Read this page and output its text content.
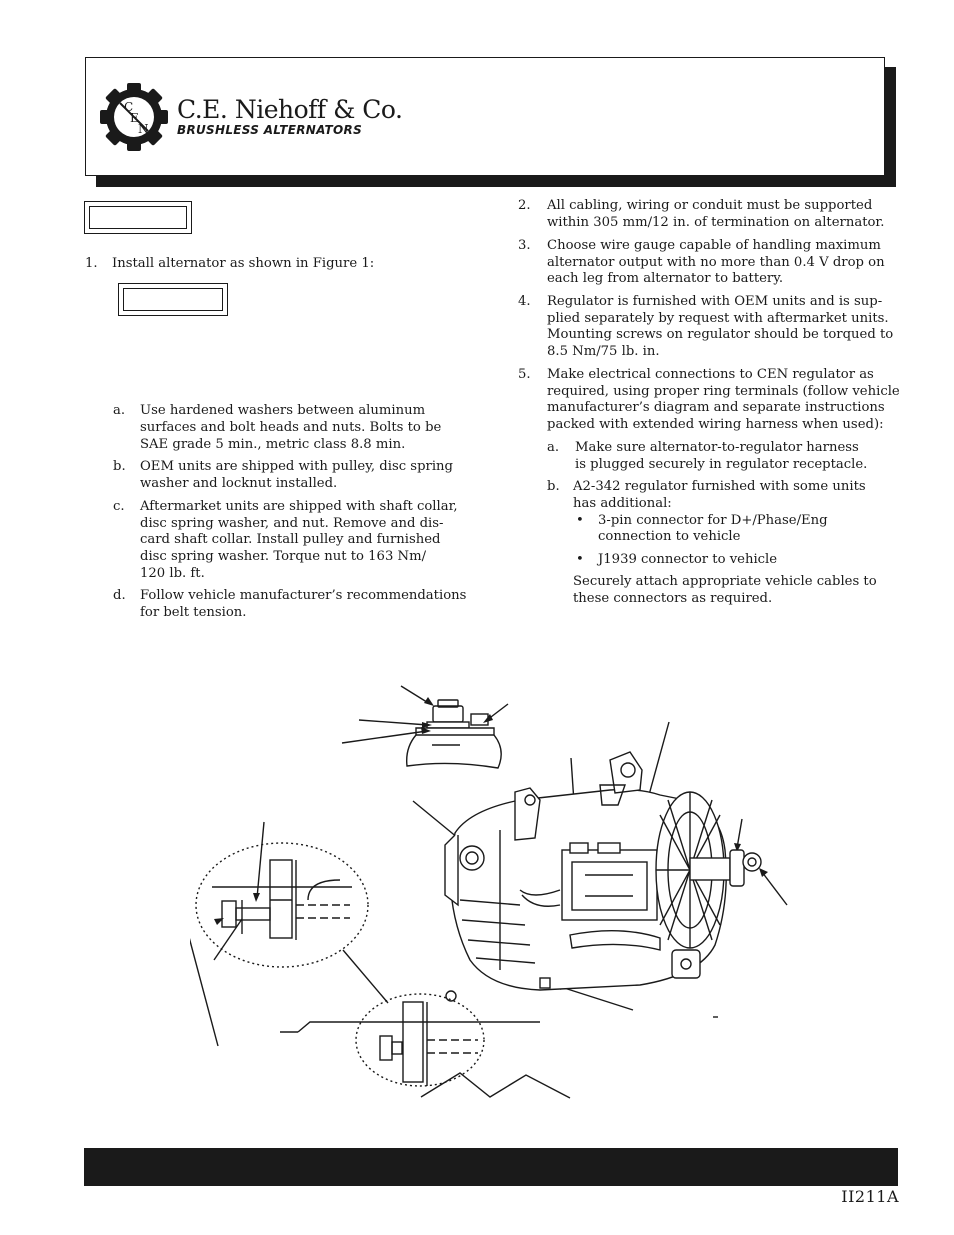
C
E
N
C.E. Niehoff & Co.
BRUSHLESS ALTERNATORS
1. Install alternator as shown in Figure 1:
a. Use hardened washers between aluminum
surfaces and bolt heads and nuts. Bolts to be
SAE grade 5 min., metric class 8.8 min.
b. OEM units are shipped with pulley, disc spring
washer and locknut installed.
c. Aftermarket units are shipped with shaft collar,
disc spring washer, and nut. Remove and dis-
card shaft collar. Install pulley and furnished
disc spring washer. Torque nut to 163 Nm/
120 lb. ft.
d. Follow vehicle manufacturer’s recommendations
for belt tension.
2. All cabling, wiring or conduit must be supported
within 305 mm/12 in. of termination on alternator.
3. Choose wire gauge capable of handling maximum
alternator output with no more than 0.4 V drop on
each leg from alternator to battery.
4. Regulator is furnished with OEM units and is sup-
plied separately by request with aftermarket units.
Mounting screws on regulator should be torqued to
8.5 Nm/75 lb. in.
5. Make electrical connections to CEN regulator as
required, using proper ring terminals (follow vehicle
manufacturer’s diagram and separate instructions
packed with extended wiring harness when used):
a. Make sure alternator-to-regulator harness
is plugged securely in regulator receptacle.
b. A2-342 regulator furnished with some units
has additional:
• 3-pin connector for D+/Phase/Eng
connection to vehicle
• J1939 connector to vehicle
Securely attach appropriate vehicle cables to
these connectors as required.
II211A
